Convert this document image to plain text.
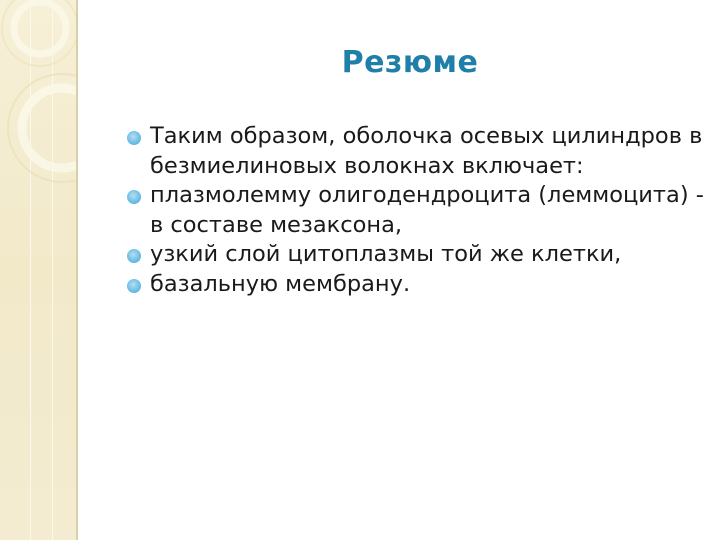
Резюме
Таким образом, оболочка осевых цилиндров в безмиелиновых волокнах включает:
плазмолемму олигодендроцита (леммоцита) - в составе мезаксона,
узкий слой цитоплазмы той же клетки,
базальную мембрану.
